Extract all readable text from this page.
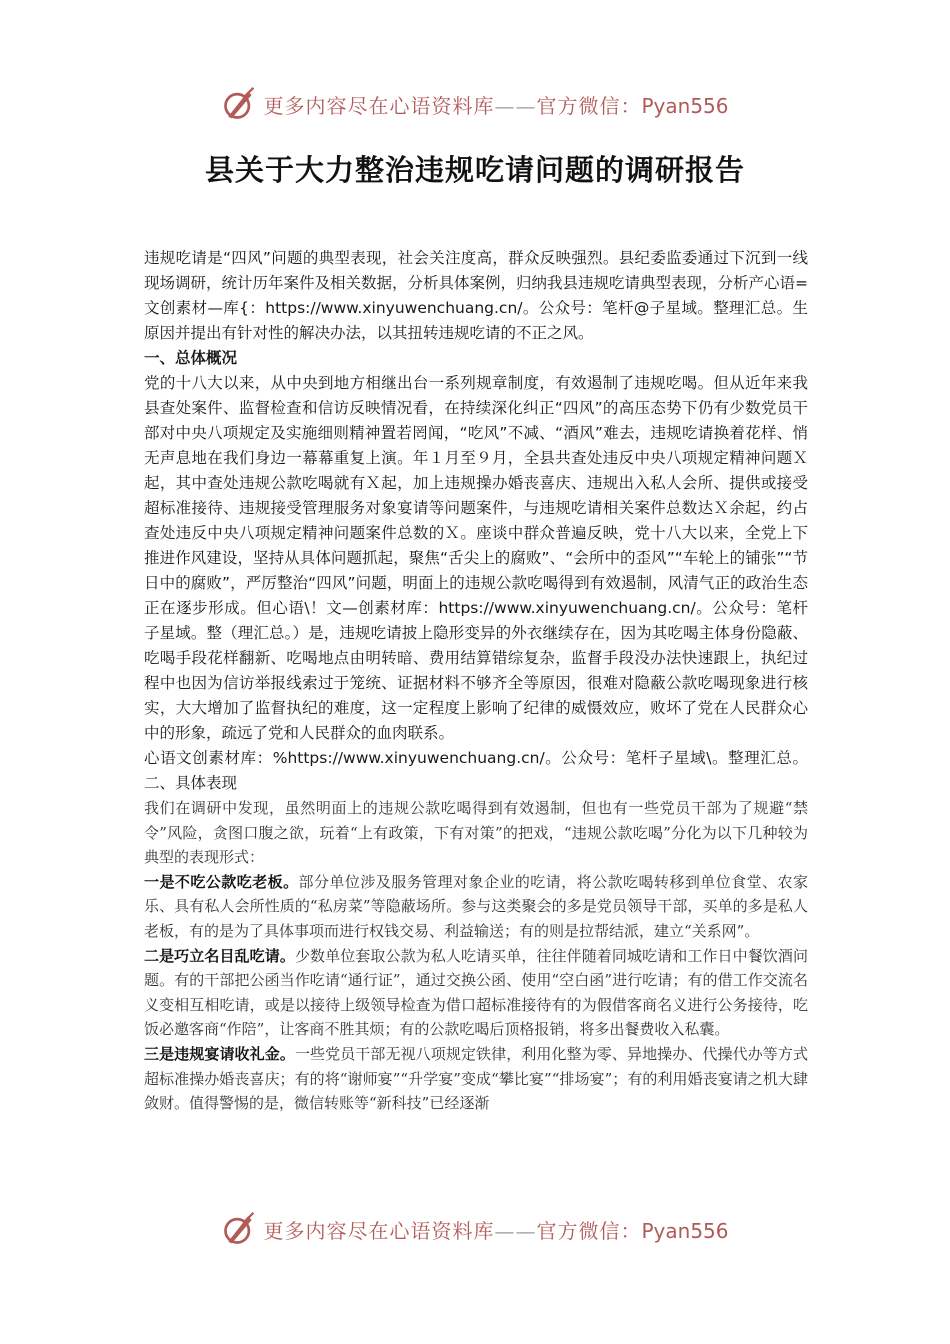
更多内容尽在心语资料库——官方微信：Pyan556
县关于大力整治违规吃请问题的调研报告

违规吃请是“四风”问题的典型表现，社会关注度高，群众反映强烈。县纪委监委通过下沉到一线现场调研，统计历年案件及相关数据，分析具体案例，归纳我县违规吃请典型表现，分析产心语=文创素材—库{：https://www.xinyuwenchuang.cn/。公众号：笔杆@子星域。整理汇总。生原因并提出有针对性的解决办法，以其扭转违规吃请的不正之风。

一、总体概况

党的十八大以来，从中央到地方相继出台一系列规章制度，有效遏制了违规吃喝。但从近年来我县查处案件、监督检查和信访反映情况看，在持续深化纠正“四风”的高压态势下仍有少数党员干部对中央八项规定及实施细则精神置若罔闻，“吃风”不减、“酒风”难去，违规吃请换着花样、悄无声息地在我们身边一幕幕重复上演。年１月至９月，全县共查处违反中央八项规定精神问题Ｘ起，其中查处违规公款吃喝就有Ｘ起，加上违规操办婚丧喜庆、违规出入私人会所、提供或接受超标准接待、违规接受管理服务对象宴请等问题案件，与违规吃请相关案件总数达Ｘ余起，约占查处违反中央八项规定精神问题案件总数的Ｘ。座谈中群众普遍反映，党十八大以来，全党上下推进作风建设，坚持从具体问题抓起，聚焦“舌尖上的腐败”、“会所中的歪风”“车轮上的铺张”“节日中的腐败”，严厉整治“四风”问题，明面上的违规公款吃喝得到有效遏制，风清气正的政治生态正在逐步形成。但心语\！文—创素材库：https://www.xinyuwenchuang.cn/。公众号：笔杆子星域。整（理汇总。）是，违规吃请披上隐形变异的外衣继续存在，因为其吃喝主体身份隐蔽、吃喝手段花样翻新、吃喝地点由明转暗、费用结算错综复杂，监督手段没办法快速跟上，执纪过程中也因为信访举报线索过于笼统、证据材料不够齐全等原因，很难对隐蔽公款吃喝现象进行核实，大大增加了监督执纪的难度，这一定程度上影响了纪律的威慑效应，败坏了党在人民群众心中的形象，疏远了党和人民群众的血肉联系。

心语文创素材库：%https://www.xinyuwenchuang.cn/。公众号：笔杆子星域\。整理汇总。二、具体表现

我们在调研中发现，虽然明面上的违规公款吃喝得到有效遏制，但也有一些党员干部为了规避“禁令”风险，贪图口腹之欲，玩着“上有政策，下有对策”的把戏，“违规公款吃喝”分化为以下几种较为典型的表现形式：

一是不吃公款吃老板。部分单位涉及服务管理对象企业的吃请，将公款吃喝转移到单位食堂、农家乐、具有私人会所性质的“私房菜”等隐蔽场所。参与这类聚会的多是党员领导干部，买单的多是私人老板，有的是为了具体事项而进行权钱交易、利益输送；有的则是拉帮结派，建立“关系网”。

二是巧立名目乱吃请。少数单位套取公款为私人吃请买单，往往伴随着同城吃请和工作日中餐饮酒问题。有的干部把公函当作吃请“通行证”，通过交换公函、使用“空白函”进行吃请；有的借工作交流名义变相互相吃请，或是以接待上级领导检查为借口超标准接待有的为假借客商名义进行公务接待，吃饭必邀客商“作陪”，让客商不胜其烦；有的公款吃喝后顶格报销，将多出餐费收入私囊。

三是违规宴请收礼金。一些党员干部无视八项规定铁律，利用化整为零、异地操办、代操代办等方式超标准操办婚丧喜庆；有的将“谢师宴”“升学宴”变成“攀比宴”“排场宴”；有的利用婚丧宴请之机大肆敛财。值得警惕的是，微信转账等“新科技”已经逐渐

更多内容尽在心语资料库——官方微信：Pyan556
